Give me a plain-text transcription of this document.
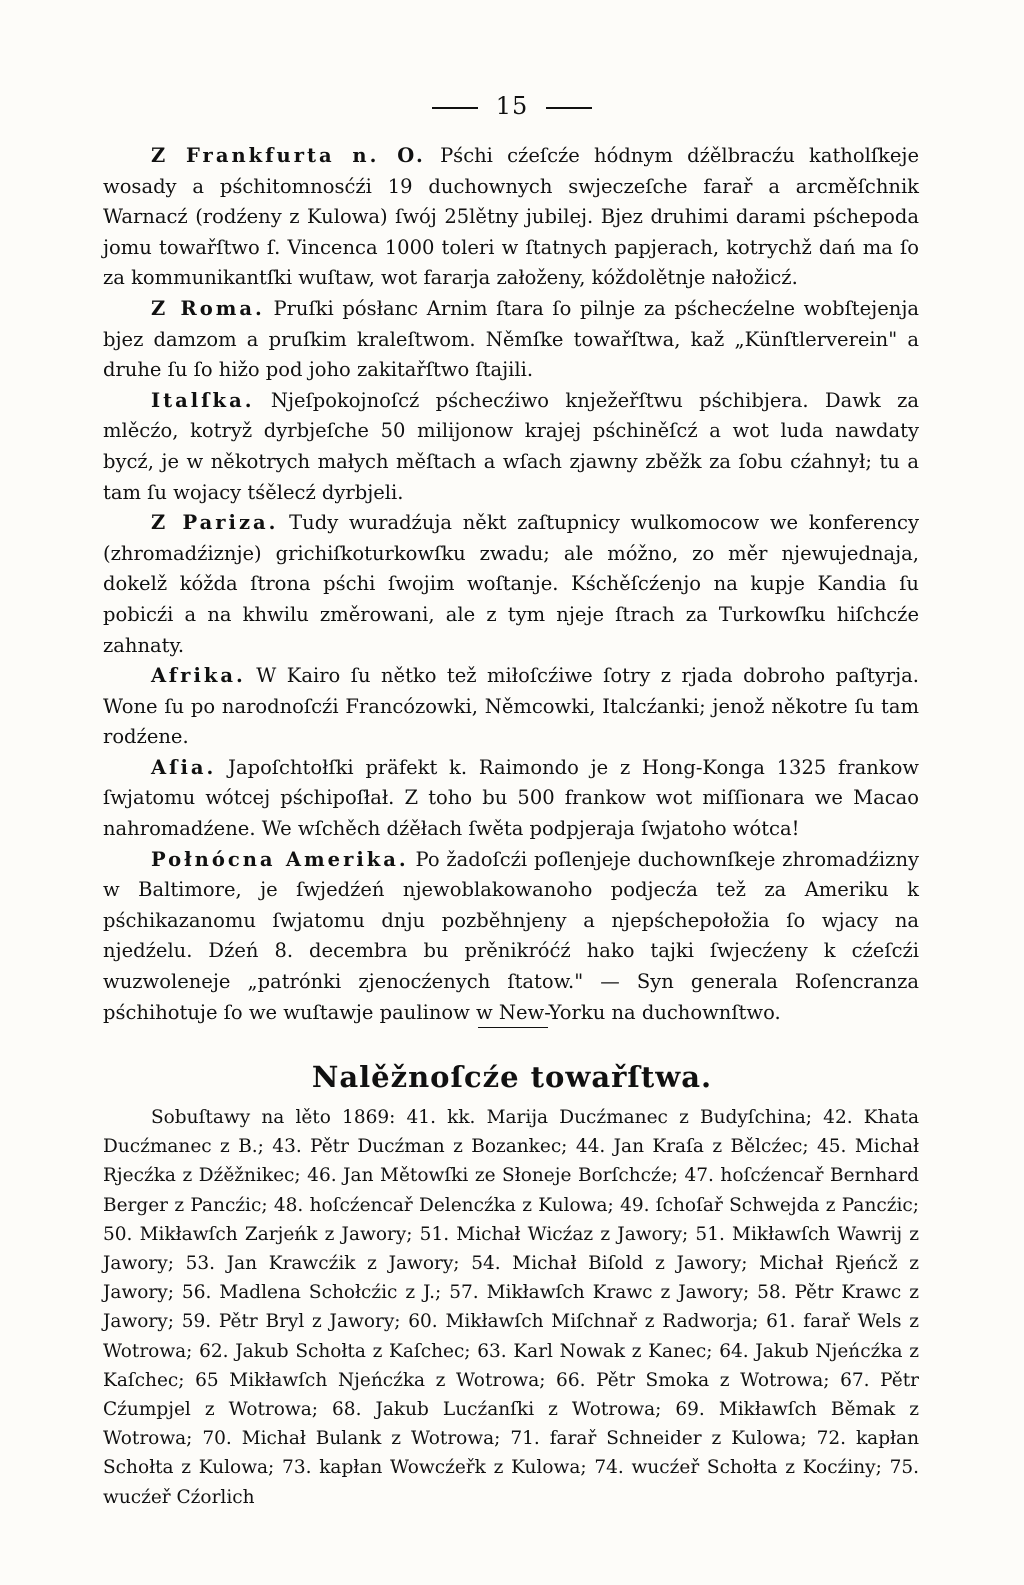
15

Z Frankfurta n. O. Pśchi cźeſcźe hódnym dźělbracźu katholſkeje wosady a pśchitomnosćźi 19 duchownych swjeczeſche farař a arcměſchnik Warnacź (rodźeny z Kulowa) ſwój 25lětny jubilej. Bjez druhimi darami pśchepoda jomu towařſtwo ſ. Vincenca 1000 toleri w ſtatnych papjerach, kotrychž dań ma ſo za kommunikantſki wuſtaw, wot fararja załoženy, kóždolětnje nałožicź.

Z Roma. Pruſki pósłanc Arnim ſtara ſo pilnje za pśchecźelne wobſtejenja bjez damzom a pruſkim kraleſtwom. Němſke towařſtwa, kaž „Künſtlerverein" a druhe ſu ſo hižo pod joho zakitařſtwo ſtajili.

Italſka. Njeſpokojnoſcź pśchecźiwo knježeřſtwu pśchibjera. Dawk za mlěcźo, kotryž dyrbjeſche 50 milijonow krajej pśchiněſcź a wot luda nawdaty bycź, je w někotrych małych měſtach a wſach zjawny zběžk za ſobu cźahnył; tu a tam ſu wojacy tśělecź dyrbjeli.

Z Pariza. Tudy wuradźuja někt zaſtupnicy wulkomocow we konferency (zhromadźiznje) grichiſkoturkowſku zwadu; ale móžno, zo měr njewujednaja, dokelž kóžda ſtrona pśchi ſwojim woſtanje. Kśchěſcźenjo na kupje Kandia ſu pobicźi a na khwilu změrowani, ale z tym njeje ſtrach za Turkowſku hiſchcźe zahnaty.

Afrika. W Kairo ſu nětko tež miłoſcźiwe ſotry z rjada dobroho paſtyrja. Wone ſu po narodnoſcźi Francózowki, Němcowki, Italcźanki; jenož někotre ſu tam rodźene.

Aſia. Japoſchtołſki präfekt k. Raimondo je z Hong-Konga 1325 frankow ſwjatomu wótcej pśchipoſłał. Z toho bu 500 frankow wot miſſionara we Macao nahromadźene. We wſchěch dźěłach ſwěta podpjeraja ſwjatoho wótca!

Połnócna Amerika. Po žadoſcźi poſlenjeje duchownſkeje zhromadźizny w Baltimore, je ſwjedźeń njewoblakowanoho podjecźa tež za Ameriku k pśchikazanomu ſwjatomu dnju pozběhnjeny a njepśchepołožia ſo wjacy na njedźelu. Dźeń 8. decembra bu prěnikróćź hako tajki ſwjecźeny k cźeſcźi wuzwoleneje „patrónki zjenocźenych ſtatow." — Syn generala Roſencranza pśchihotuje ſo we wuſtawje paulinow w New-Yorku na duchownſtwo.

Nalěžnoſcźe towařſtwa.

Sobuſtawy na lěto 1869: 41. kk. Marija Ducźmanec z Budyſchina; 42. Khata Ducźmanec z B.; 43. Pětr Ducźman z Bozankec; 44. Jan Kraſa z Bělcźec; 45. Michał Rjecźka z Dźěžnikec; 46. Jan Mětowſki ze Słoneje Borſchcźe; 47. hoſcźencař Bernhard Berger z Pancźic; 48. hoſcźencař Delencźka z Kulowa; 49. ſchoſař Schwejda z Pancźic; 50. Mikławſch Zarjeńk z Jawory; 51. Michał Wicźaz z Jawory; 51. Mikławſch Wawrij z Jawory; 53. Jan Krawcźik z Jawory; 54. Michał Biſold z Jawory; Michał Rjeńcž z Jawory; 56. Madlena Schołcźic z J.; 57. Mikławſch Krawc z Jawory; 58. Pětr Krawc z Jawory; 59. Pětr Bryl z Jawory; 60. Mikławſch Miſchnař z Radworja; 61. farař Wels z Wotrowa; 62. Jakub Schołta z Kaſchec; 63. Karl Nowak z Kanec; 64. Jakub Njeńcźka z Kaſchec; 65 Mikławſch Njeńcźka z Wotrowa; 66. Pětr Smoka z Wotrowa; 67. Pětr Cźumpjel z Wotrowa; 68. Jakub Lucźanſki z Wotrowa; 69. Mikławſch Běmak z Wotrowa; 70. Michał Bulank z Wotrowa; 71. farař Schneider z Kulowa; 72. kapłan Schołta z Kulowa; 73. kapłan Wowcźeřk z Kulowa; 74. wucźeř Schołta z Kocźiny; 75. wucźeř Cźorlich
